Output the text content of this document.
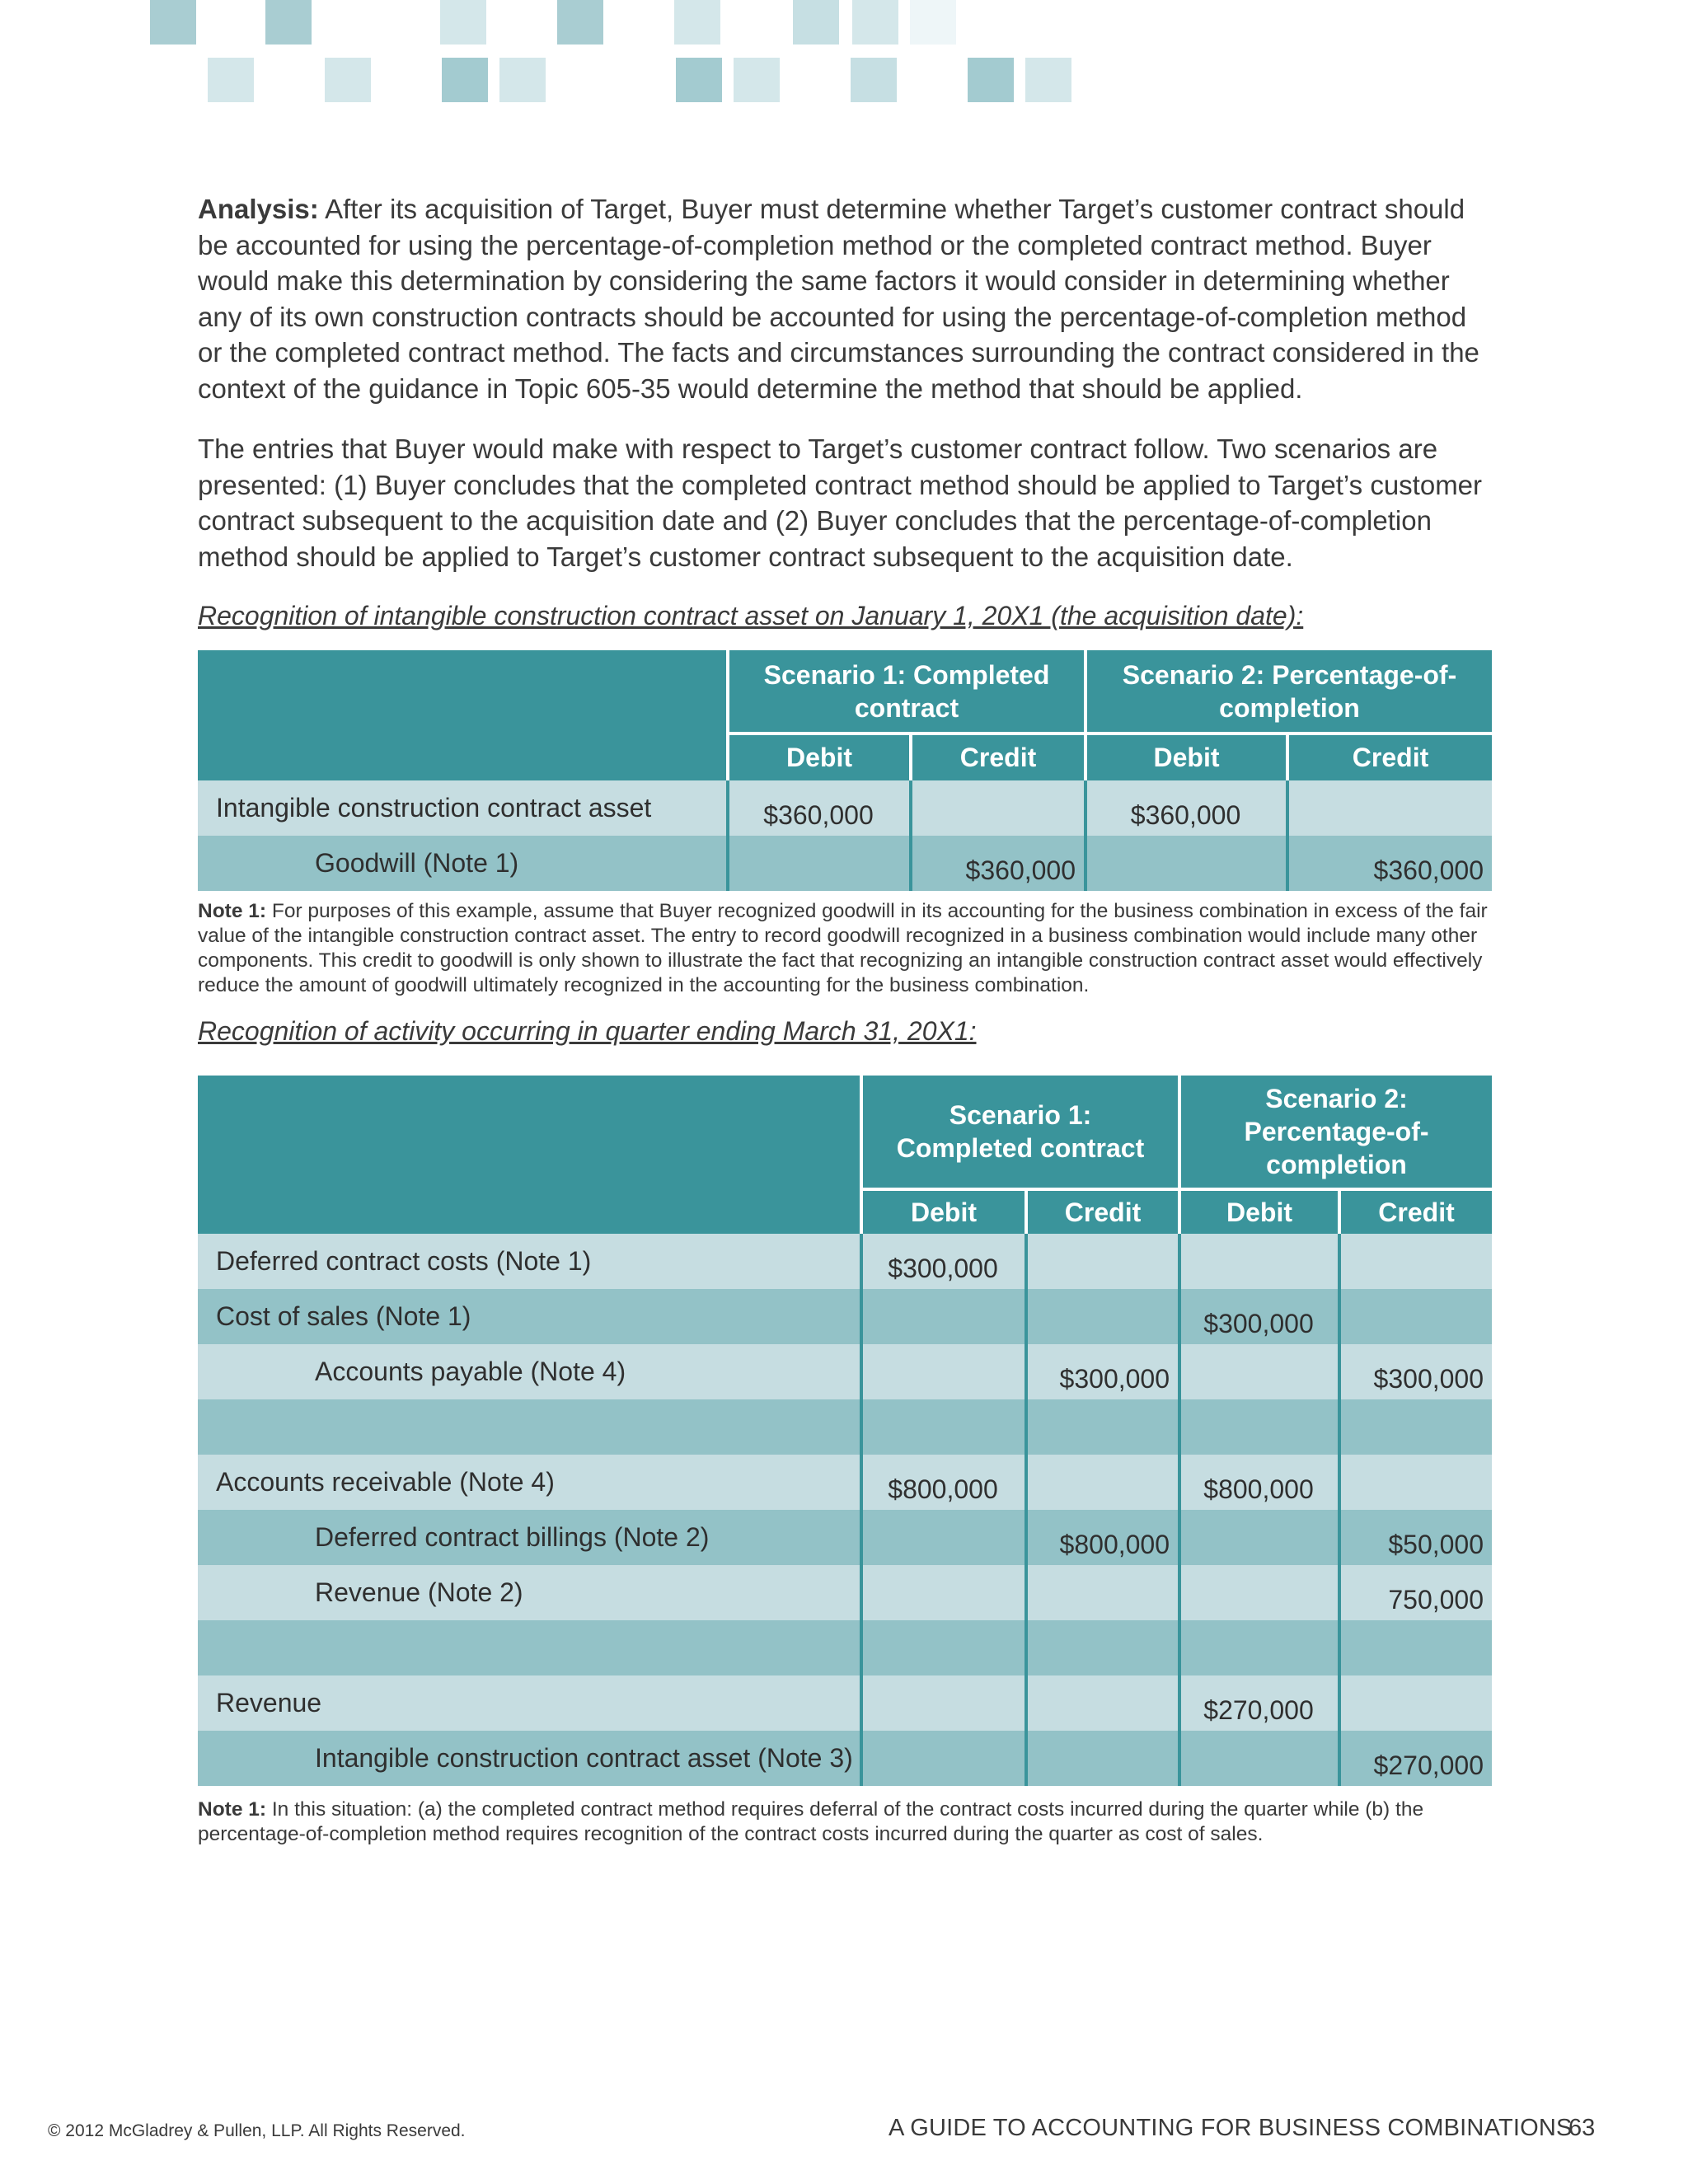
Analysis: After its acquisition of Target, Buyer must determine whether Target’s customer contract should be accounted for using the percentage-of-completion method or the completed contract method. Buyer would make this determination by considering the same factors it would consider in determining whether any of its own construction contracts should be accounted for using the percentage-of-completion method or the completed contract method. The facts and circumstances surrounding the contract considered in the context of the guidance in Topic 605-35 would determine the method that should be applied.

The entries that Buyer would make with respect to Target’s customer contract follow. Two scenarios are presented: (1) Buyer concludes that the completed contract method should be applied to Target’s customer contract subsequent to the acquisition date and (2) Buyer concludes that the percentage-of-completion method should be applied to Target’s customer contract subsequent to the acquisition date.

Recognition of intangible construction contract asset on January 1, 20X1 (the acquisition date):

	Scenario 1: Completed contract		Scenario 2: Percentage-of-completion	
	Debit	Credit	Debit	Credit
Intangible construction contract asset	$360,000		$360,000	
Goodwill (Note 1)		$360,000		$360,000

Note 1: For purposes of this example, assume that Buyer recognized goodwill in its accounting for the business combination in excess of the fair value of the intangible construction contract asset. The entry to record goodwill recognized in a business combination would include many other components. This credit to goodwill is only shown to illustrate the fact that recognizing an intangible construction contract asset would effectively reduce the amount of goodwill ultimately recognized in the accounting for the business combination.

Recognition of activity occurring in quarter ending March 31, 20X1:

	Scenario 1: Completed contract		Scenario 2: Percentage-of-completion	
	Debit	Credit	Debit	Credit
Deferred contract costs (Note 1)	$300,000			
Cost of sales (Note 1)			$300,000	
Accounts payable (Note 4)		$300,000		$300,000

Accounts receivable (Note 4)	$800,000		$800,000	
Deferred contract billings (Note 2)		$800,000		$50,000
Revenue (Note 2)				750,000

Revenue			$270,000	
Intangible construction contract asset (Note 3)				$270,000

Note 1: In this situation: (a) the completed contract method requires deferral of the contract costs incurred during the quarter while (b) the percentage-of-completion method requires recognition of the contract costs incurred during the quarter as cost of sales.

© 2012 McGladrey & Pullen, LLP. All Rights Reserved.	A GUIDE TO ACCOUNTING FOR BUSINESS COMBINATIONS
63
